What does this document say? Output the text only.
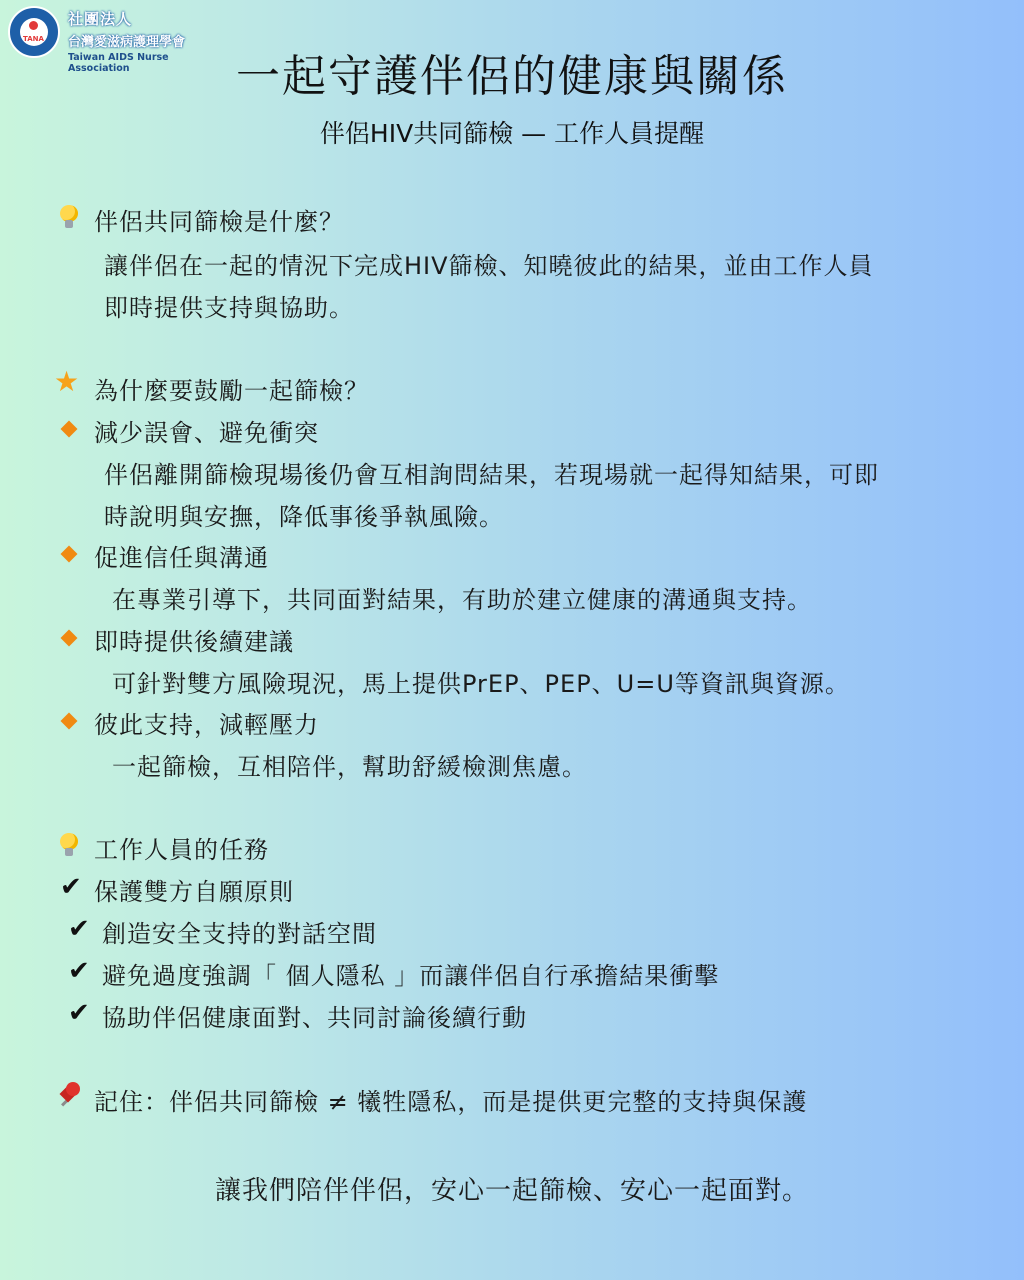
TANA
社團法人
台灣愛滋病護理學會
Taiwan AIDS Nurse Association	一起守護伴侶的健康與關係
伴侶HIV共同篩檢 — 工作人員提醒
伴侶共同篩檢是什麼？
讓伴侶在一起的情況下完成HIV篩檢、知曉彼此的結果，並由工作人員
即時提供支持與協助。
★ 為什麼要鼓勵一起篩檢？
減少誤會、避免衝突
伴侶離開篩檢現場後仍會互相詢問結果，若現場就一起得知結果，可即
時說明與安撫，降低事後爭執風險。
促進信任與溝通
在專業引導下，共同面對結果，有助於建立健康的溝通與支持。
即時提供後續建議
可針對雙方風險現況，馬上提供PrEP、PEP、U=U等資訊與資源。
彼此支持，減輕壓力
一起篩檢，互相陪伴，幫助舒緩檢測焦慮。
工作人員的任務
✔ 保護雙方自願原則
✔ 創造安全支持的對話空間
✔ 避免過度強調「 個人隱私 」而讓伴侶自行承擔結果衝擊
✔ 協助伴侶健康面對、共同討論後續行動
記住：伴侶共同篩檢 ≠ 犧牲隱私，而是提供更完整的支持與保護
讓我們陪伴伴侶，安心一起篩檢、安心一起面對。
